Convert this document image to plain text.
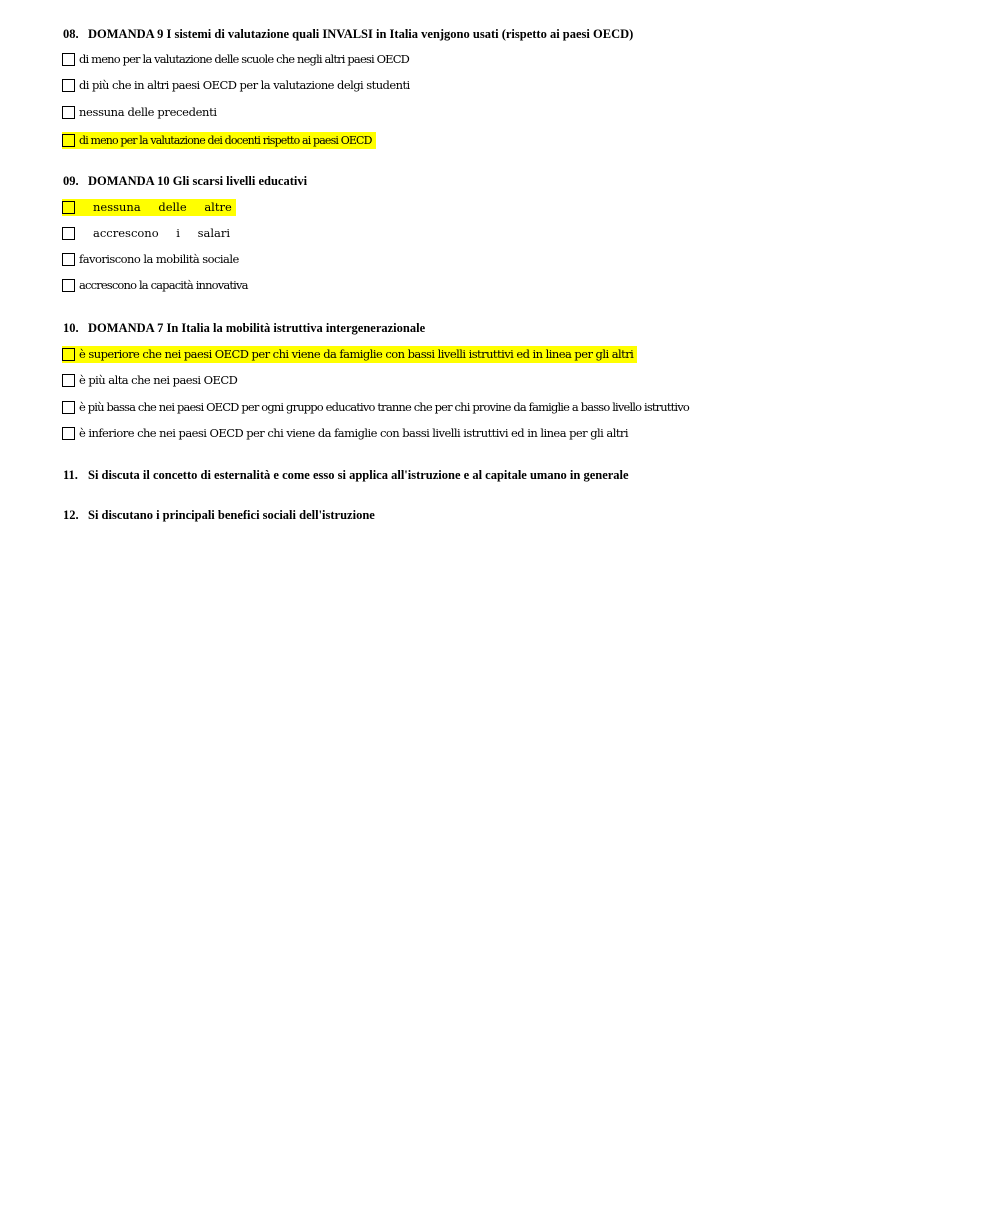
08. DOMANDA 9 I sistemi di valutazione quali INVALSI in Italia venjgono usati (rispetto ai paesi OECD)
di meno per la valutazione delle scuole che negli altri paesi OECD
di più che in altri paesi OECD per la valutazione delgi studenti
nessuna delle precedenti
di meno per la valutazione dei docenti rispetto ai paesi OECD
09. DOMANDA 10 Gli scarsi livelli educativi
nessuna delle altre
accrescono i salari
favoriscono la mobilità sociale
accrescono la capacità innovativa
10. DOMANDA 7 In Italia la mobilità istruttiva intergenerazionale
è superiore che nei paesi OECD per chi viene da famiglie con bassi livelli istruttivi ed in linea per gli altri
è più alta che nei paesi OECD
è più bassa che nei paesi OECD per ogni gruppo educativo tranne che per chi provine da famiglie a basso livello istruttivo
è inferiore che nei paesi OECD per chi viene da famiglie con bassi livelli istruttivi ed in linea per gli altri
11. Si discuta il concetto di esternalità e come esso si applica all'istruzione e al capitale umano in generale
12. Si discutano i principali benefici sociali dell'istruzione
